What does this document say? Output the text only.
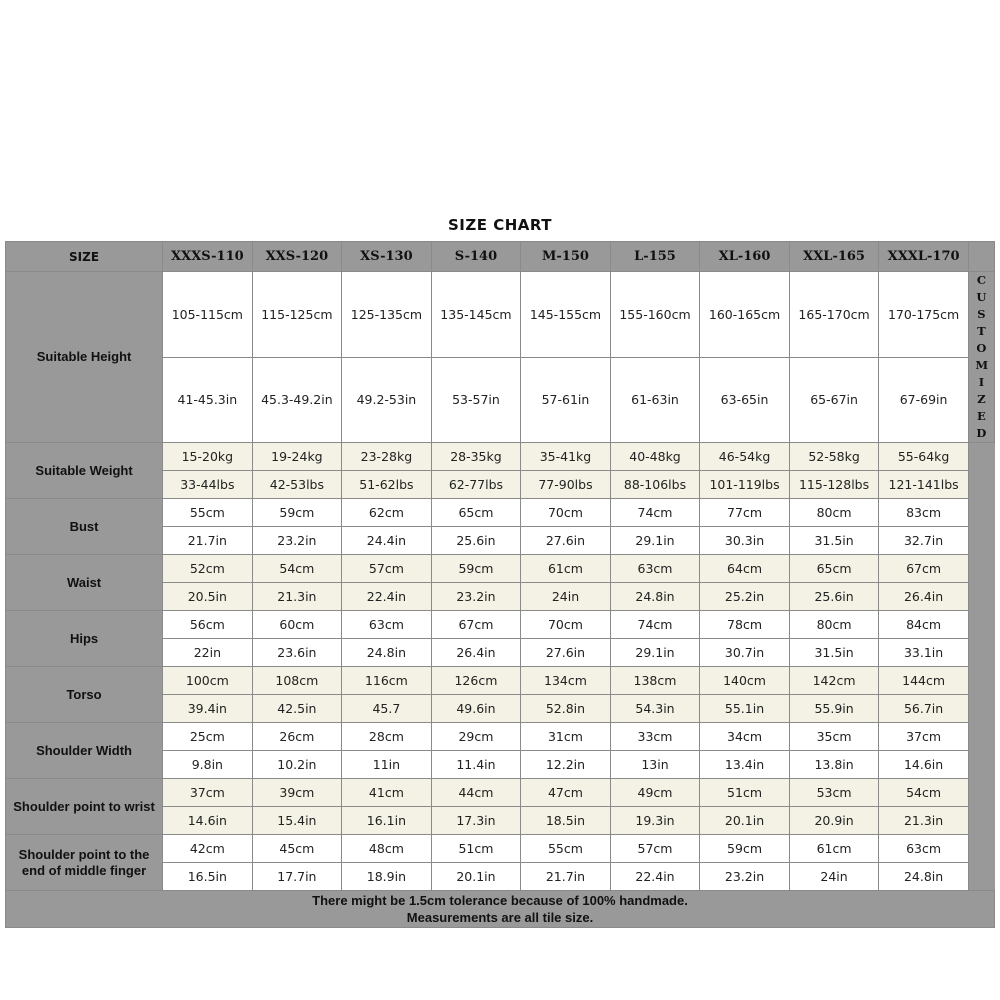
SIZE CHART
SIZE	XXXS-110	XXS-120	XS-130	S-140	M-150	L-155	XL-160	XXL-165	XXXL-170	
Suitable Height	105-115cm	115-125cm	125-135cm	135-145cm	145-155cm	155-160cm	160-165cm	165-170cm	170-175cm	CUSTOMIZED
	41-45.3in	45.3-49.2in	49.2-53in	53-57in	57-61in	61-63in	63-65in	65-67in	67-69in	
Suitable Weight	15-20kg	19-24kg	23-28kg	28-35kg	35-41kg	40-48kg	46-54kg	52-58kg	55-64kg	
	33-44lbs	42-53lbs	51-62lbs	62-77lbs	77-90lbs	88-106lbs	101-119lbs	115-128lbs	121-141lbs	
Bust	55cm	59cm	62cm	65cm	70cm	74cm	77cm	80cm	83cm	
	21.7in	23.2in	24.4in	25.6in	27.6in	29.1in	30.3in	31.5in	32.7in	
Waist	52cm	54cm	57cm	59cm	61cm	63cm	64cm	65cm	67cm	
	20.5in	21.3in	22.4in	23.2in	24in	24.8in	25.2in	25.6in	26.4in	
Hips	56cm	60cm	63cm	67cm	70cm	74cm	78cm	80cm	84cm	
	22in	23.6in	24.8in	26.4in	27.6in	29.1in	30.7in	31.5in	33.1in	
Torso	100cm	108cm	116cm	126cm	134cm	138cm	140cm	142cm	144cm	
	39.4in	42.5in	45.7	49.6in	52.8in	54.3in	55.1in	55.9in	56.7in	
Shoulder Width	25cm	26cm	28cm	29cm	31cm	33cm	34cm	35cm	37cm	
	9.8in	10.2in	11in	11.4in	12.2in	13in	13.4in	13.8in	14.6in	
Shoulder point to wrist	37cm	39cm	41cm	44cm	47cm	49cm	51cm	53cm	54cm	
	14.6in	15.4in	16.1in	17.3in	18.5in	19.3in	20.1in	20.9in	21.3in	
Shoulder point to the end of middle finger	42cm	45cm	48cm	51cm	55cm	57cm	59cm	61cm	63cm	
	16.5in	17.7in	18.9in	20.1in	21.7in	22.4in	23.2in	24in	24.8in	

There might be 1.5cm tolerance because of 100% handmade.
Measurements are all tile size.										
